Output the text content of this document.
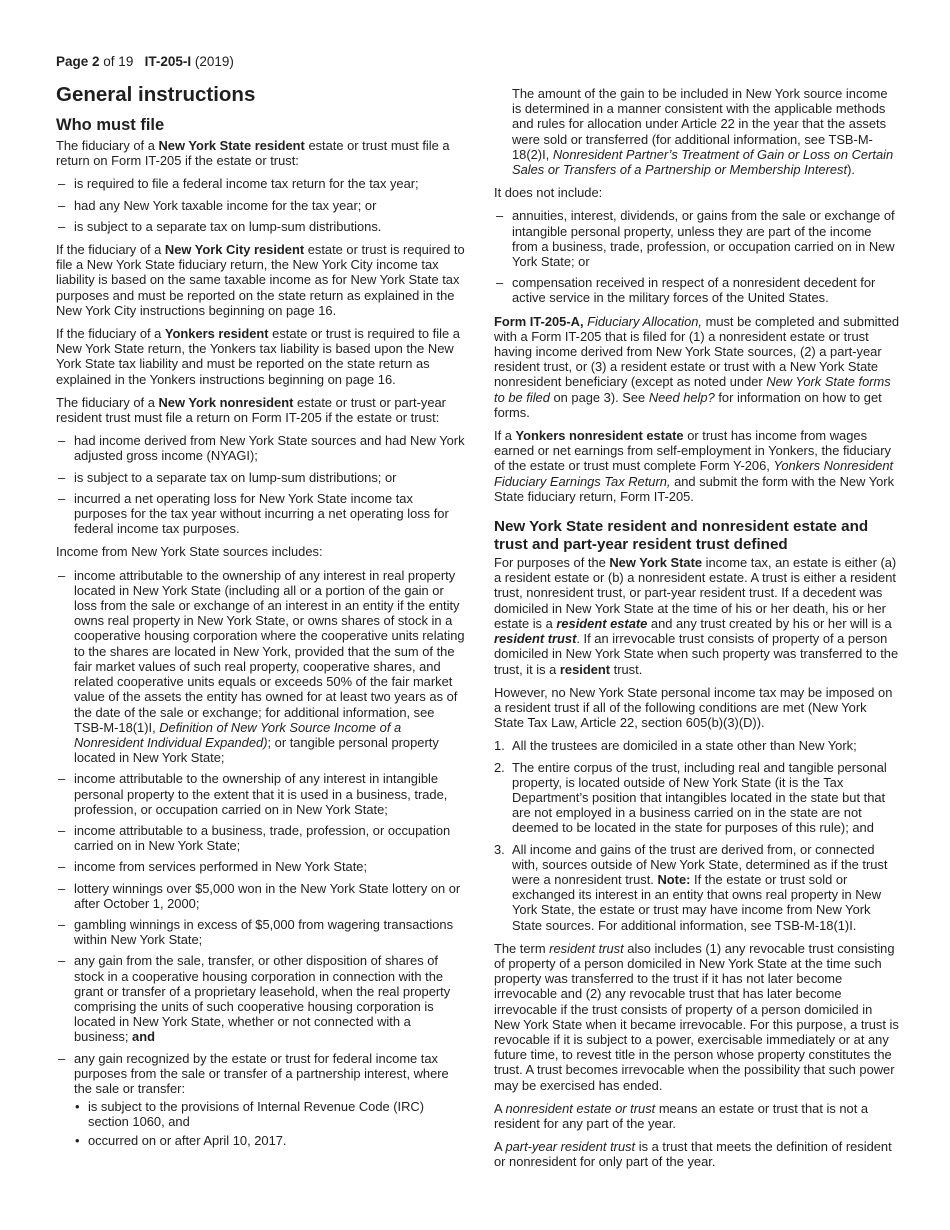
Page 2 of 19 IT-205-I (2019)
General instructions
Who must file

The fiduciary of a New York State resident estate or trust must file a return on Form IT-205 if the estate or trust:

– is required to file a federal income tax return for the tax year;
– had any New York taxable income for the tax year; or
– is subject to a separate tax on lump-sum distributions.

If the fiduciary of a New York City resident estate or trust is required to file a New York State fiduciary return, the New York City income tax liability is based on the same taxable income as for New York State tax purposes and must be reported on the state return as explained in the New York City instructions beginning on page 16.

If the fiduciary of a Yonkers resident estate or trust is required to file a New York State return, the Yonkers tax liability is based upon the New York State tax liability and must be reported on the state return as explained in the Yonkers instructions beginning on page 16.

The fiduciary of a New York nonresident estate or trust or part-year resident trust must file a return on Form IT-205 if the estate or trust:

– had income derived from New York State sources and had New York adjusted gross income (NYAGI);
– is subject to a separate tax on lump-sum distributions; or
– incurred a net operating loss for New York State income tax purposes for the tax year without incurring a net operating loss for federal income tax purposes.

Income from New York State sources includes:

– income attributable to the ownership of any interest in real property located in New York State (including all or a portion of the gain or loss from the sale or exchange of an interest in an entity if the entity owns real property in New York State, or owns shares of stock in a cooperative housing corporation where the cooperative units relating to the shares are located in New York, provided that the sum of the fair market values of such real property, cooperative shares, and related cooperative units equals or exceeds 50% of the fair market value of the assets the entity has owned for at least two years as of the date of the sale or exchange; for additional information, see TSB-M-18(1)I, Definition of New York Source Income of a Nonresident Individual Expanded); or tangible personal property located in New York State;
– income attributable to the ownership of any interest in intangible personal property to the extent that it is used in a business, trade, profession, or occupation carried on in New York State;
– income attributable to a business, trade, profession, or occupation carried on in New York State;
– income from services performed in New York State;
– lottery winnings over $5,000 won in the New York State lottery on or after October 1, 2000;
– gambling winnings in excess of $5,000 from wagering transactions within New York State;
– any gain from the sale, transfer, or other disposition of shares of stock in a cooperative housing corporation in connection with the grant or transfer of a proprietary leasehold, when the real property comprising the units of such cooperative housing corporation is located in New York State, whether or not connected with a business; and
– any gain recognized by the estate or trust for federal income tax purposes from the sale or transfer of a partnership interest, where the sale or transfer:
• is subject to the provisions of Internal Revenue Code (IRC) section 1060, and
• occurred on or after April 10, 2017.

The amount of the gain to be included in New York source income is determined in a manner consistent with the applicable methods and rules for allocation under Article 22 in the year that the assets were sold or transferred (for additional information, see TSB-M-18(2)I, Nonresident Partner’s Treatment of Gain or Loss on Certain Sales or Transfers of a Partnership or Membership Interest).

It does not include:

– annuities, interest, dividends, or gains from the sale or exchange of intangible personal property, unless they are part of the income from a business, trade, profession, or occupation carried on in New York State; or
– compensation received in respect of a nonresident decedent for active service in the military forces of the United States.

Form IT-205-A, Fiduciary Allocation, must be completed and submitted with a Form IT-205 that is filed for (1) a nonresident estate or trust having income derived from New York State sources, (2) a part-year resident trust, or (3) a resident estate or trust with a New York State nonresident beneficiary (except as noted under New York State forms to be filed on page 3). See Need help? for information on how to get forms.

If a Yonkers nonresident estate or trust has income from wages earned or net earnings from self-employment in Yonkers, the fiduciary of the estate or trust must complete Form Y-206, Yonkers Nonresident Fiduciary Earnings Tax Return, and submit the form with the New York State fiduciary return, Form IT-205.

New York State resident and nonresident estate and trust and part-year resident trust defined

For purposes of the New York State income tax, an estate is either (a) a resident estate or (b) a nonresident estate. A trust is either a resident trust, nonresident trust, or part-year resident trust. If a decedent was domiciled in New York State at the time of his or her death, his or her estate is a resident estate and any trust created by his or her will is a resident trust. If an irrevocable trust consists of property of a person domiciled in New York State when such property was transferred to the trust, it is a resident trust.

However, no New York State personal income tax may be imposed on a resident trust if all of the following conditions are met (New York State Tax Law, Article 22, section 605(b)(3)(D)).

1. All the trustees are domiciled in a state other than New York;
2. The entire corpus of the trust, including real and tangible personal property, is located outside of New York State (it is the Tax Department’s position that intangibles located in the state but that are not employed in a business carried on in the state are not deemed to be located in the state for purposes of this rule); and
3. All income and gains of the trust are derived from, or connected with, sources outside of New York State, determined as if the trust were a nonresident trust. Note: If the estate or trust sold or exchanged its interest in an entity that owns real property in New York State, the estate or trust may have income from New York State sources. For additional information, see TSB-M-18(1)I.

The term resident trust also includes (1) any revocable trust consisting of property of a person domiciled in New York State at the time such property was transferred to the trust if it has not later become irrevocable and (2) any revocable trust that has later become irrevocable if the trust consists of property of a person domiciled in New York State when it became irrevocable. For this purpose, a trust is revocable if it is subject to a power, exercisable immediately or at any future time, to revest title in the person whose property constitutes the trust. A trust becomes irrevocable when the possibility that such power may be exercised has ended.

A nonresident estate or trust means an estate or trust that is not a resident for any part of the year.

A part-year resident trust is a trust that meets the definition of resident or nonresident for only part of the year.
